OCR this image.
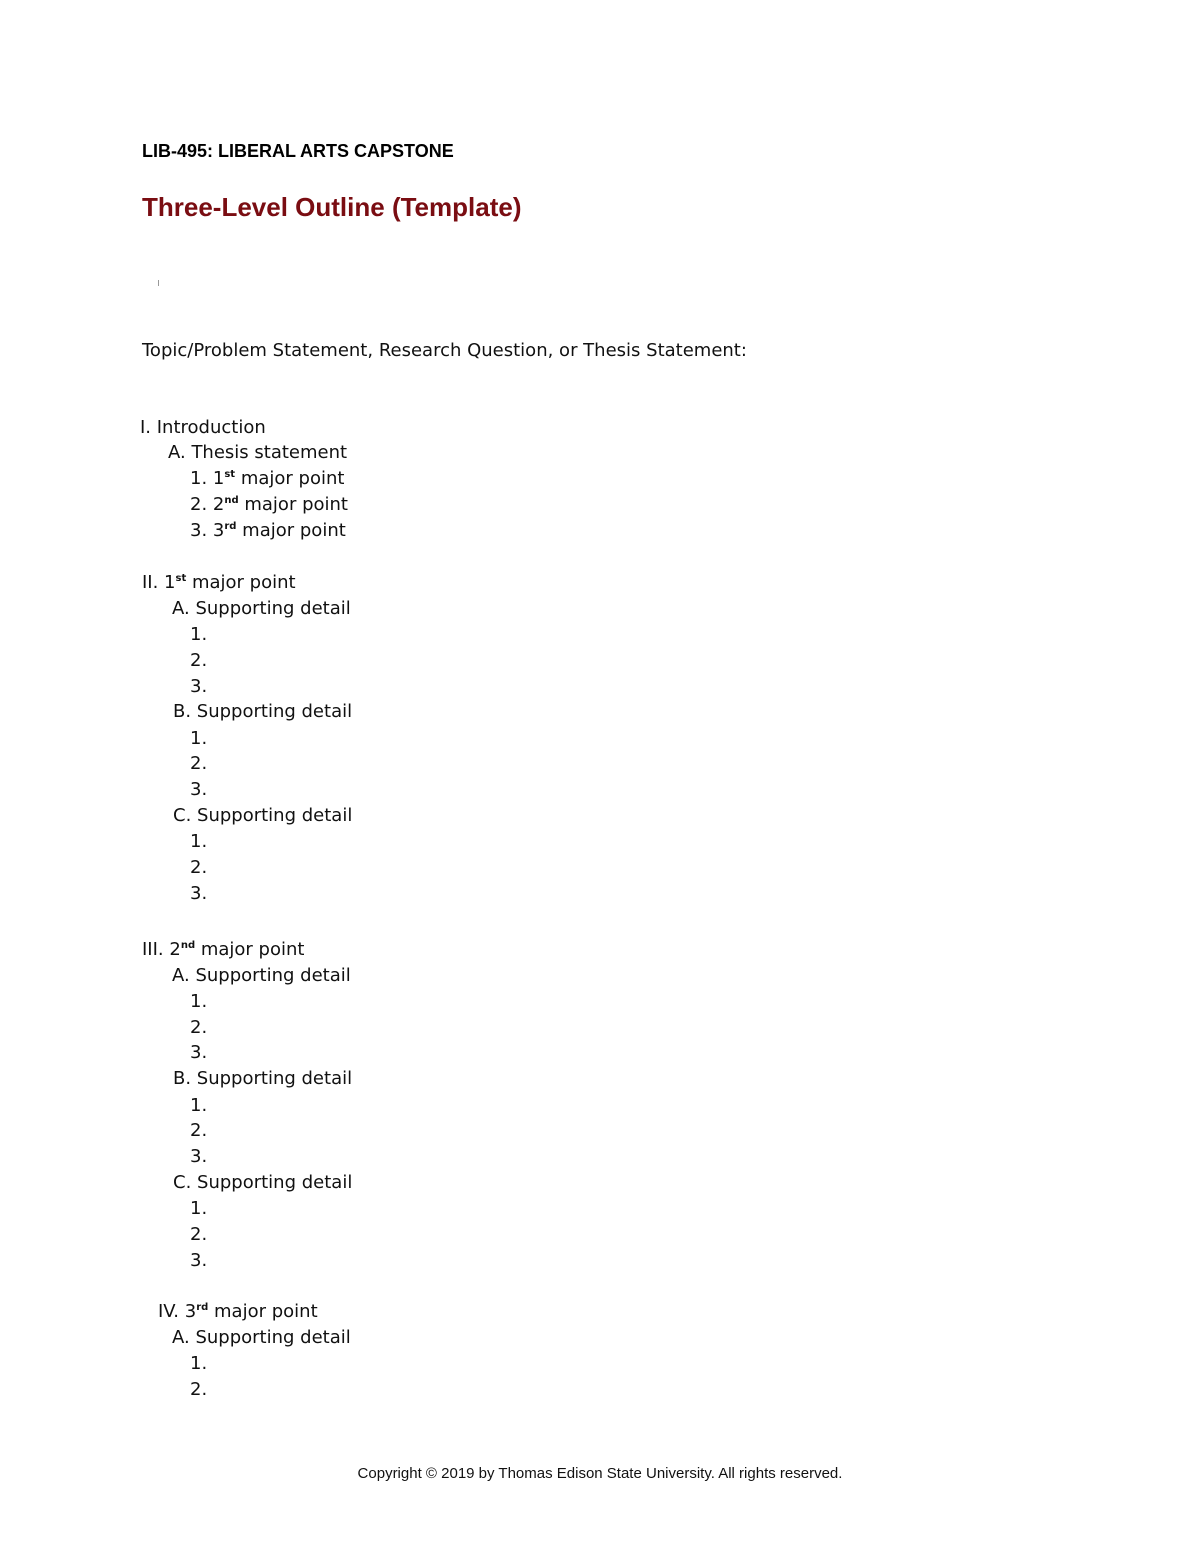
LIB-495: LIBERAL ARTS CAPSTONE
Three-Level Outline (Template)
Topic/Problem Statement, Research Question, or Thesis Statement:
I. Introduction
A. Thesis statement
1. 1st major point
2. 2nd major point
3. 3rd major point
II. 1st major point
A. Supporting detail
1.
2.
3.
B. Supporting detail
1.
2.
3.
C. Supporting detail
1.
2.
3.
III. 2nd major point
A. Supporting detail
1.
2.
3.
B. Supporting detail
1.
2.
3.
C. Supporting detail
1.
2.
3.
IV. 3rd major point
A. Supporting detail
1.
2.
Copyright © 2019 by Thomas Edison State University. All rights reserved.
